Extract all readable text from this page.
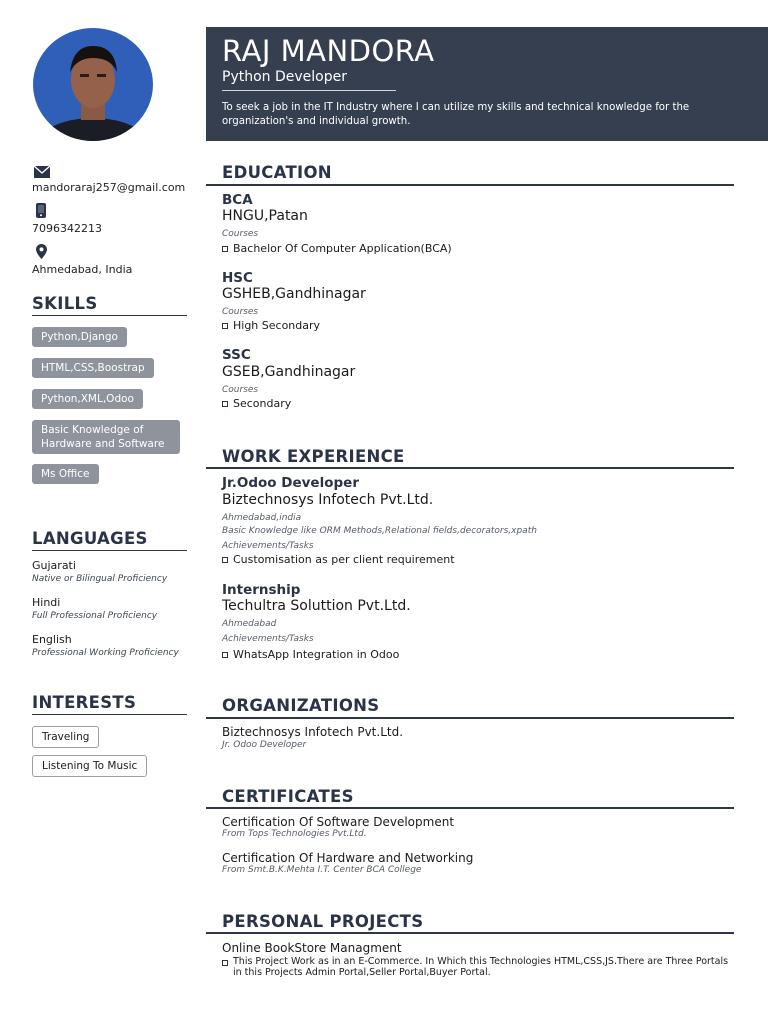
mandoraraj257@gmail.com
7096342213
Ahmedabad, India
SKILLS
Python,Django
HTML,CSS,Boostrap
Python,XML,Odoo
Basic Knowledge of Hardware and Software
Ms Office
LANGUAGES
Gujarati
Native or Bilingual Proficiency
Hindi
Full Professional Proficiency
English
Professional Working Proficiency
INTERESTS
Traveling
Listening To Music
RAJ MANDORA
Python Developer
To seek a job in the IT Industry where I can utilize my skills and technical knowledge for the organization's and individual growth.
EDUCATION
BCA
HNGU,Patan
Courses
Bachelor Of Computer Application(BCA)
HSC
GSHEB,Gandhinagar
Courses
High Secondary
SSC
GSEB,Gandhinagar
Courses
Secondary
WORK EXPERIENCE
Jr.Odoo Developer
Biztechnosys Infotech Pvt.Ltd.
Ahmedabad,india
Basic Knowledge like ORM Methods,Relational fields,decorators,xpath
Achievements/Tasks
Customisation as per client requirement
Internship
Techultra Soluttion Pvt.Ltd.
Ahmedabad
Achievements/Tasks
WhatsApp Integration in Odoo
ORGANIZATIONS
Biztechnosys Infotech Pvt.Ltd.
Jr. Odoo Developer
CERTIFICATES
Certification Of Software Development
From Tops Technologies Pvt.Ltd.
Certification Of Hardware and Networking
From Smt.B.K.Mehta I.T. Center BCA College
PERSONAL PROJECTS
Online BookStore Managment
This Project Work as in an E-Commerce. In Which this Technologies HTML,CSS,JS.There are Three Portals in this Projects Admin Portal,Seller Portal,Buyer Portal.
